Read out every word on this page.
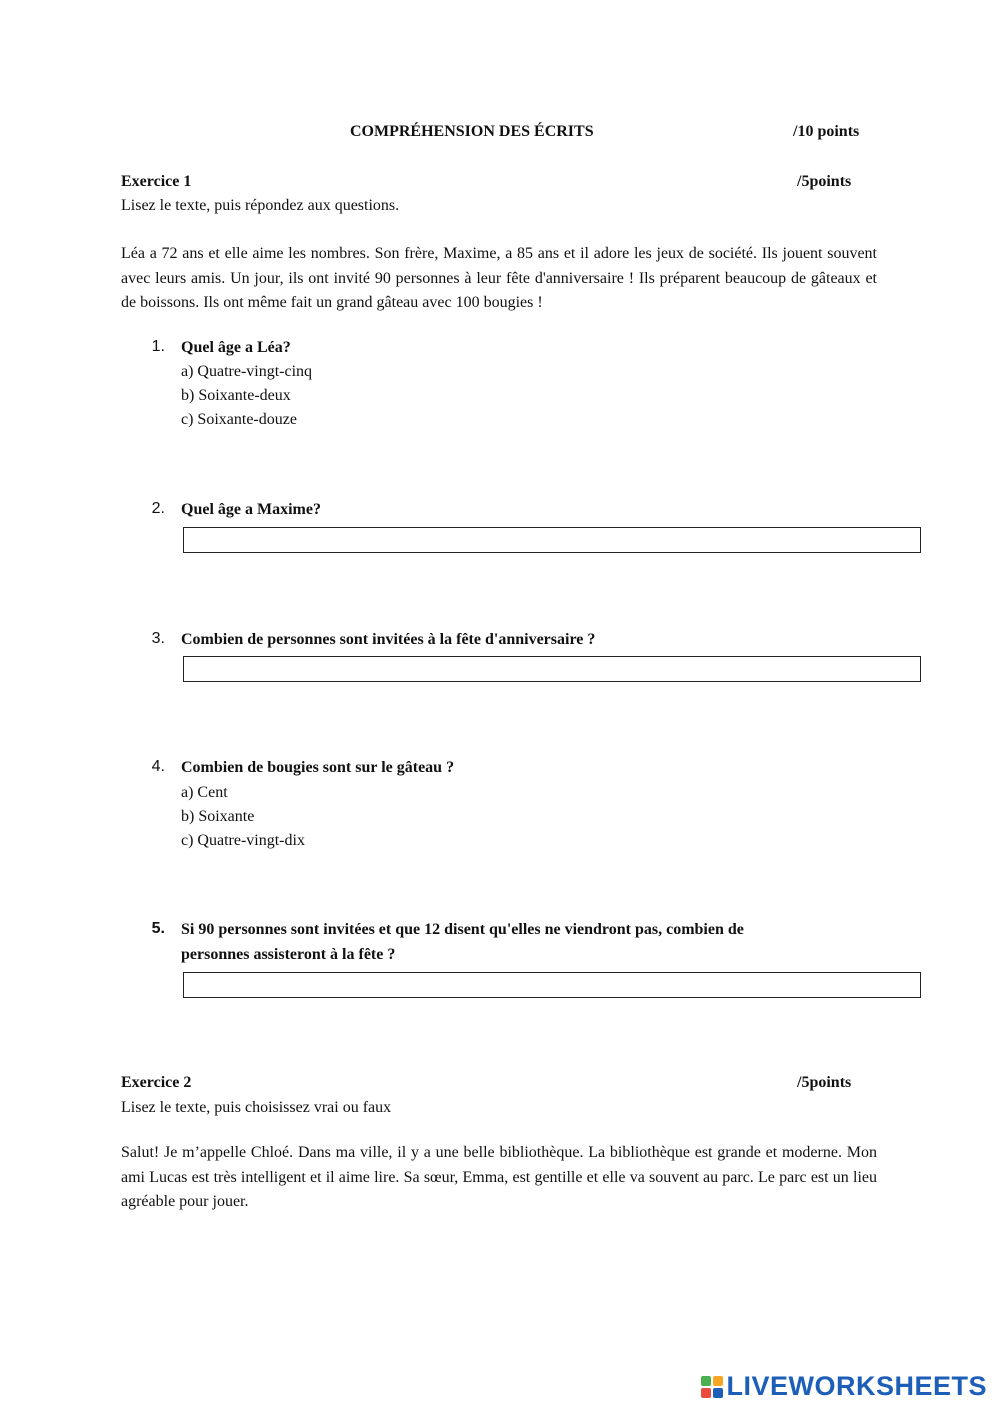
COMPRÉHENSION DES ÉCRITS	/10 points
Exercice 1	/5points
Lisez le texte, puis répondez aux questions.
Léa a 72 ans et elle aime les nombres. Son frère, Maxime, a 85 ans et il adore les jeux de société. Ils jouent souvent avec leurs amis. Un jour, ils ont invité 90 personnes à leur fête d'anniversaire ! Ils préparent beaucoup de gâteaux et de boissons. Ils ont même fait un grand gâteau avec 100 bougies !
1. Quel âge a Léa?
a) Quatre-vingt-cinq
b) Soixante-deux
c) Soixante-douze
2. Quel âge a Maxime?
3. Combien de personnes sont invitées à la fête d'anniversaire ?
4. Combien de bougies sont sur le gâteau ?
a) Cent
b) Soixante
c) Quatre-vingt-dix
5. Si 90 personnes sont invitées et que 12 disent qu'elles ne viendront pas, combien de
personnes assisteront à la fête ?
Exercice 2	/5points
Lisez le texte, puis choisissez vrai ou faux
Salut! Je m’appelle Chloé. Dans ma ville, il y a une belle bibliothèque. La bibliothèque est grande et moderne. Mon ami Lucas est très intelligent et il aime lire. Sa sœur, Emma, est gentille et elle va souvent au parc. Le parc est un lieu agréable pour jouer.
LIVEWORKSHEETS
